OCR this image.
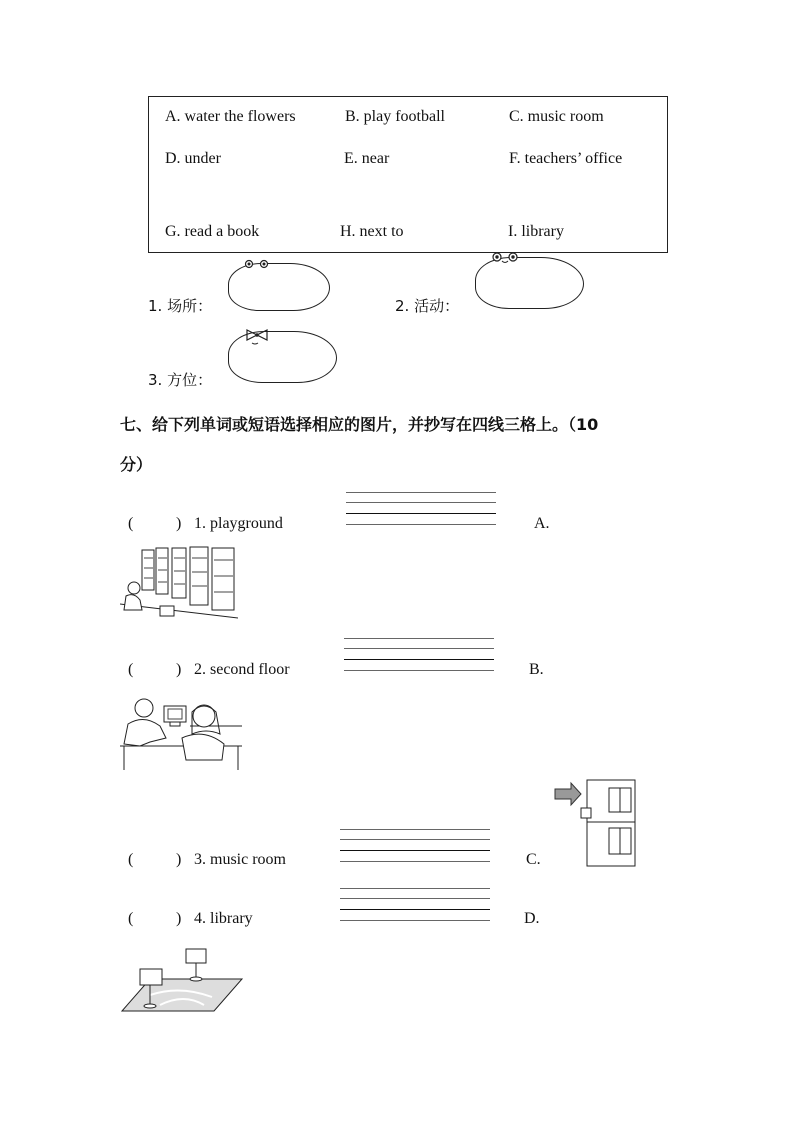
A. water the flowers	B. play football	C. music room
D. under	E. near	F. teachers’ office
G. read a book	H. next to	I. library
1. 场所：	2. 活动：
3. 方位：
七、给下列单词或短语选择相应的图片，并抄写在四线三格上。（10
分）
(	) 1. playground	A.
(	) 2. second floor	B.
(	) 3. music room	C.
(	) 4. library	D.
